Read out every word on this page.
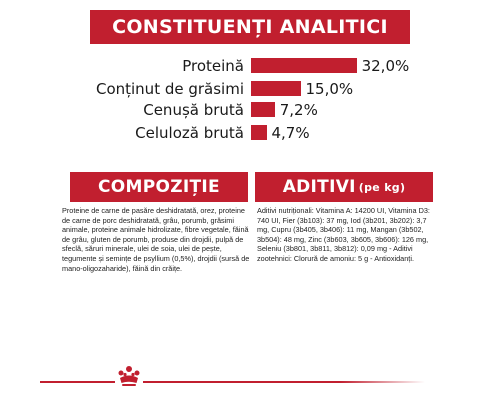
CONSTITUENȚI ANALITICI
Proteină	32,0%
Conținut de grăsimi	15,0%
Cenușă brută 7,2%
Celuloză brută 4,7%
COMPOZIȚIE	ADITIVI (pe kg)
Proteine de carne de pasăre deshidratată, orez, proteine de carne de porc deshidratată, grâu, porumb, grăsimi animale, proteine animale hidrolizate, fibre vegetale, făină de grâu, gluten de porumb, produse din drojdii, pulpă de sfeclă, săruri minerale, ulei de soia, ulei de pește, tegumente și semințe de psyllium (0,5%), drojdii (sursă de mano-oligozaharide), făină din crăițe.
Aditivi nutriționali: Vitamina A: 14200 UI, Vitamina D3: 740 UI, Fier (3b103): 37 mg, Iod (3b201, 3b202): 3,7 mg, Cupru (3b405, 3b406): 11 mg, Mangan (3b502, 3b504): 48 mg, Zinc (3b603, 3b605, 3b606): 126 mg, Seleniu (3b801, 3b811, 3b812): 0,09 mg - Aditivi zootehnici: Clorură de amoniu: 5 g - Antioxidanți.
